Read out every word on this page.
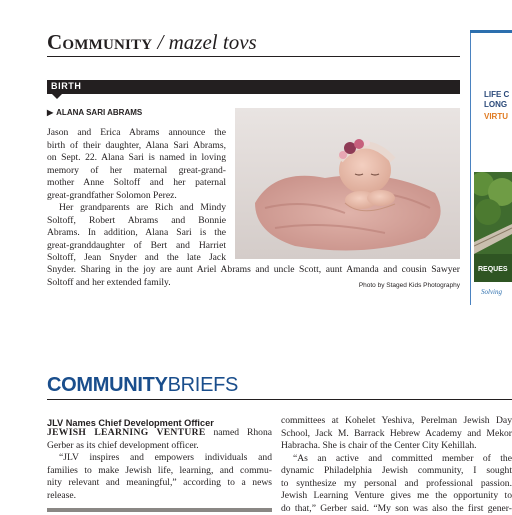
Community / mazel tovs
BIRTH
▶ ALANA SARI ABRAMS
Jason and Erica Abrams announce the
birth of their daughter, Alana Sari Abrams,
on Sept. 22. Alana Sari is named in loving
memory of her maternal great-grand-
mother Anne Soltoff and her paternal
great-grandfather Solomon Perez.
Her grandparents are Rich and Mindy
Soltoff, Robert Abrams and Bonnie
Abrams. In addition, Alana Sari is the
great-granddaughter of Bert and Harriet
Soltoff, Jean Snyder and the late Jack
Snyder. Sharing in the joy are aunt Ariel Abrams and uncle Scott, aunt Amanda and cousin Sawyer
Soltoff and her extended family.	Photo by Staged Kids Photography
LIFE C
LONG
VIRTU
REQUES
Solving
COMMUNITYBRIEFS
JLV Names Chief Development Officer
JEWISH LEARNING VENTURE named Rhona
Gerber as its chief development officer.
“JLV inspires and empowers individuals and
families to make Jewish life, learning, and commu-
nity relevant and meaningful,” according to a news
release.
committees at Kohelet Yeshiva, Perelman Jewish Day
School, Jack M. Barrack Hebrew Academy and Mekor
Habracha. She is chair of the Center City Kehillah.
“As an active and committed member of the
dynamic Philadelphia Jewish community, I sought
to synthesize my personal and professional passion.
Jewish Learning Venture gives me the opportunity to
do that,” Gerber said. “My son was also the first gener-
